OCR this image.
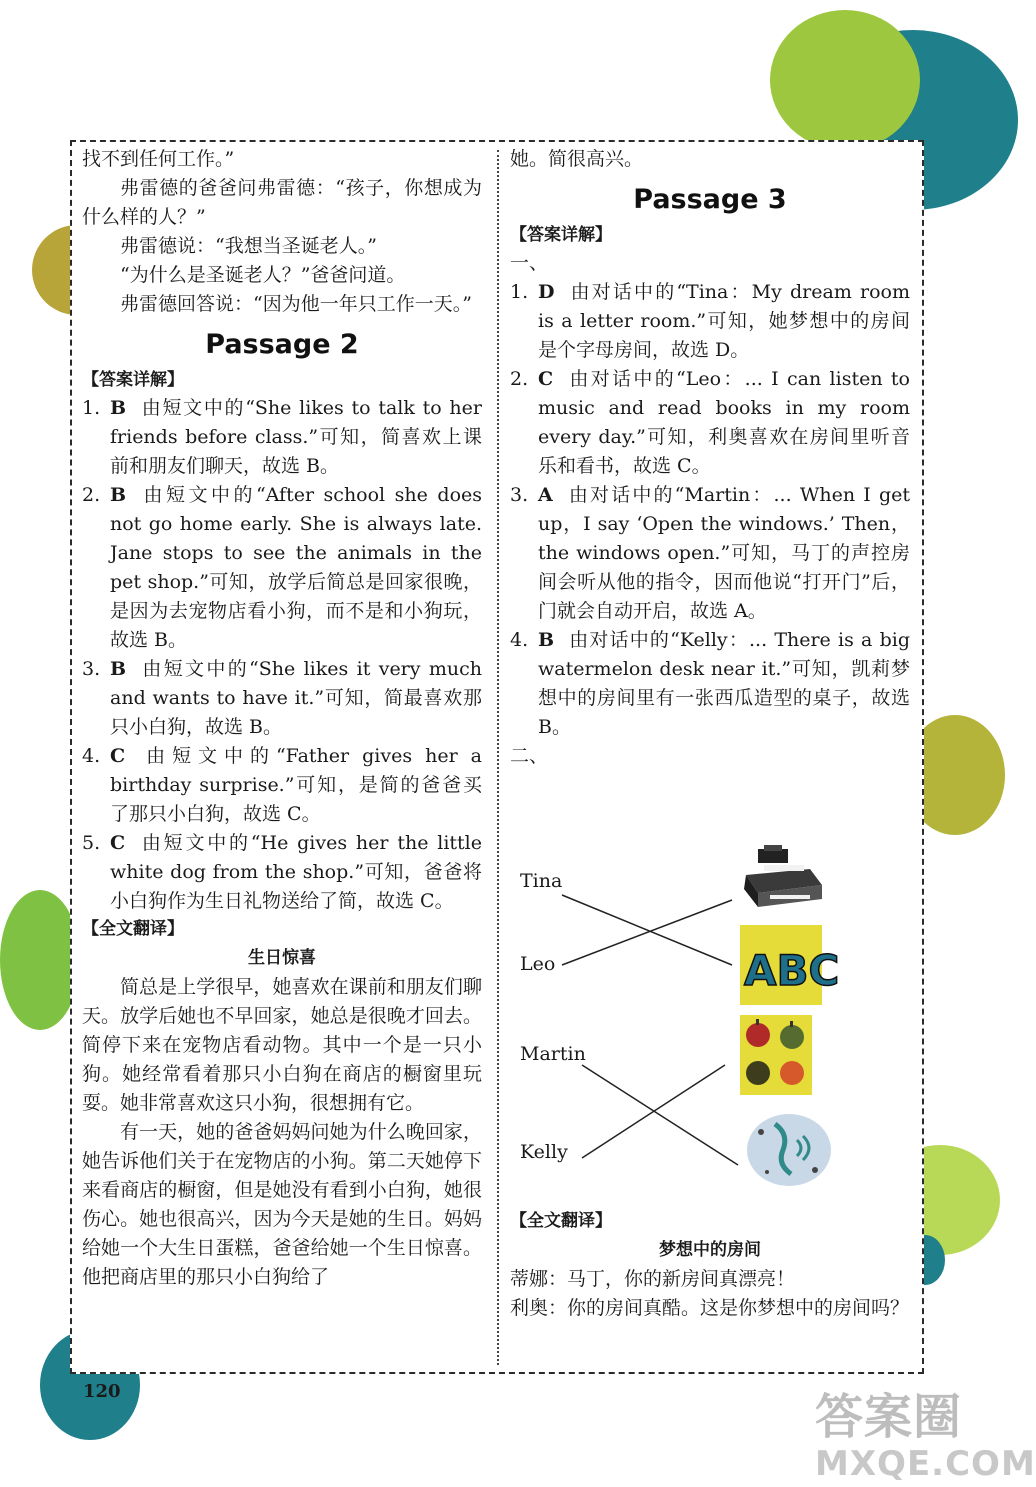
找不到任何工作。”

弗雷德的爸爸问弗雷德：“孩子，你想成为什么样的人？”

弗雷德说：“我想当圣诞老人。”

“为什么是圣诞老人？”爸爸问道。

弗雷德回答说：“因为他一年只工作一天。”

Passage 2
【答案详解】
1. B 由短文中的“She likes to talk to her friends before class.”可知，简喜欢上课前和朋友们聊天，故选 B。
2. B 由短文中的“After school she does not go home early. She is always late. Jane stops to see the animals in the pet shop.”可知，放学后简总是回家很晚，是因为去宠物店看小狗，而不是和小狗玩，故选 B。
3. B 由短文中的“She likes it very much and wants to have it.”可知，简最喜欢那只小白狗，故选 B。
4. C 由短文中的“Father gives her a birthday surprise.”可知，是简的爸爸买了那只小白狗，故选 C。
5. C 由短文中的“He gives her the little white dog from the shop.”可知，爸爸将小白狗作为生日礼物送给了简，故选 C。
【全文翻译】
生日惊喜

简总是上学很早，她喜欢在课前和朋友们聊天。放学后她也不早回家，她总是很晚才回去。简停下来在宠物店看动物。其中一个是一只小狗。她经常看着那只小白狗在商店的橱窗里玩耍。她非常喜欢这只小狗，很想拥有它。

有一天，她的爸爸妈妈问她为什么晚回家，她告诉他们关于在宠物店的小狗。第二天她停下来看商店的橱窗，但是她没有看到小白狗，她很伤心。她也很高兴，因为今天是她的生日。妈妈给她一个大生日蛋糕，爸爸给她一个生日惊喜。他把商店里的那只小白狗给了

她。简很高兴。

Passage 3
【答案详解】

一、

1. D 由对话中的“Tina：My dream room is a letter room.”可知，她梦想中的房间是个字母房间，故选 D。
2. C 由对话中的“Leo：... I can listen to music and read books in my room every day.”可知，利奥喜欢在房间里听音乐和看书，故选 C。
3. A 由对话中的“Martin：... When I get up，I say ‘Open the windows.’ Then，the windows open.”可知，马丁的声控房间会听从他的指令，因而他说“打开门”后，门就会自动开启，故选 A。
4. B 由对话中的“Kelly：... There is a big watermelon desk near it.”可知，凯莉梦想中的房间里有一张西瓜造型的桌子，故选 B。

二、

Tina
Leo
Martin
Kelly
ABC
【全文翻译】
梦想中的房间
蒂娜： 马丁，你的新房间真漂亮！
利奥： 你的房间真酷。这是你梦想中的房间吗？
120	答案圈
MXQE.COM
